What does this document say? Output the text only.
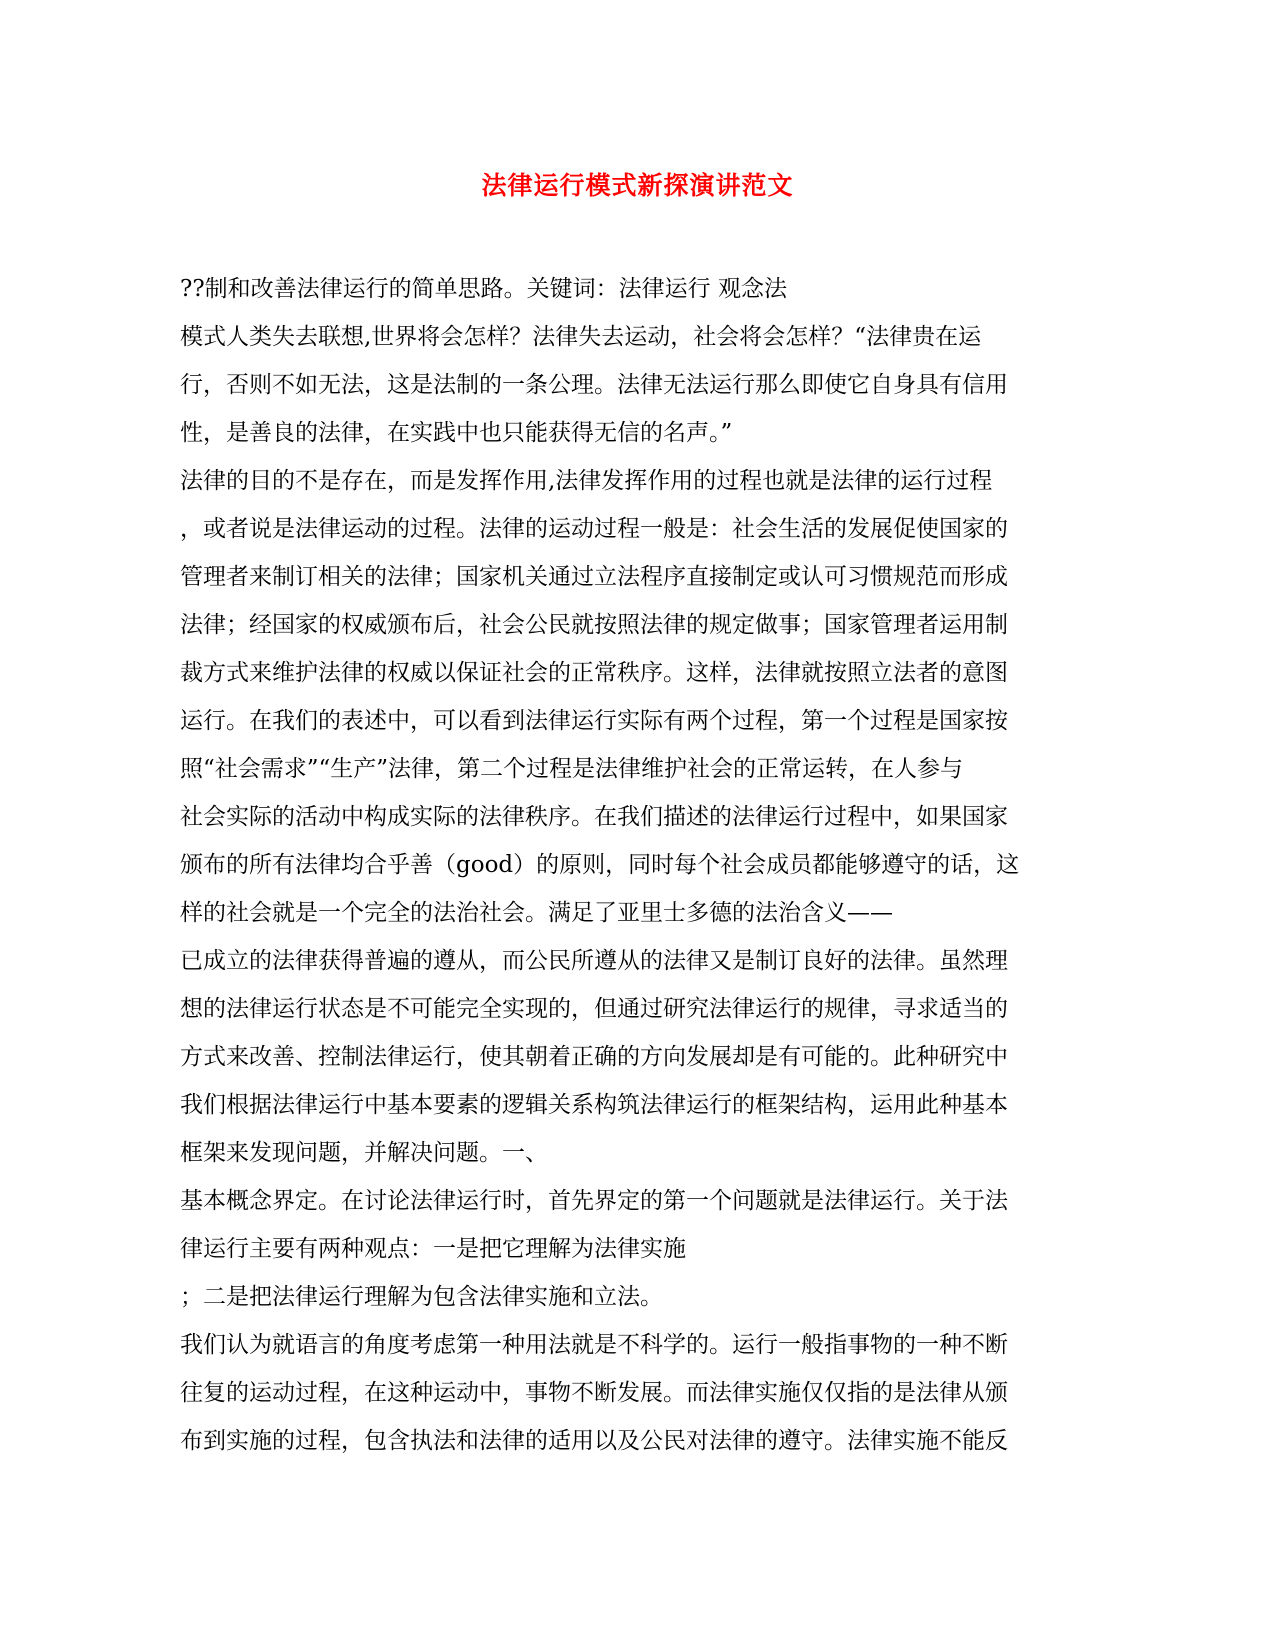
法律运行模式新探演讲范文
??制和改善法律运行的简单思路。关键词：法律运行 观念法
模式人类失去联想,世界将会怎样？法律失去运动，社会将会怎样？“法律贵在运
行，否则不如无法，这是法制的一条公理。法律无法运行那么即使它自身具有信用
性，是善良的法律，在实践中也只能获得无信的名声。”
法律的目的不是存在，而是发挥作用,法律发挥作用的过程也就是法律的运行过程
，或者说是法律运动的过程。法律的运动过程一般是：社会生活的发展促使国家的
管理者来制订相关的法律；国家机关通过立法程序直接制定或认可习惯规范而形成
法律；经国家的权威颁布后，社会公民就按照法律的规定做事；国家管理者运用制
裁方式来维护法律的权威以保证社会的正常秩序。这样，法律就按照立法者的意图
运行。在我们的表述中，可以看到法律运行实际有两个过程，第一个过程是国家按
照“社会需求”“生产”法律，第二个过程是法律维护社会的正常运转，在人参与
社会实际的活动中构成实际的法律秩序。在我们描述的法律运行过程中，如果国家
颁布的所有法律均合乎善（good）的原则，同时每个社会成员都能够遵守的话，这
样的社会就是一个完全的法治社会。满足了亚里士多德的法治含义——
已成立的法律获得普遍的遵从，而公民所遵从的法律又是制订良好的法律。虽然理
想的法律运行状态是不可能完全实现的，但通过研究法律运行的规律，寻求适当的
方式来改善、控制法律运行，使其朝着正确的方向发展却是有可能的。此种研究中
我们根据法律运行中基本要素的逻辑关系构筑法律运行的框架结构，运用此种基本
框架来发现问题，并解决问题。一、
基本概念界定。在讨论法律运行时，首先界定的第一个问题就是法律运行。关于法
律运行主要有两种观点：一是把它理解为法律实施
；二是把法律运行理解为包含法律实施和立法。
我们认为就语言的角度考虑第一种用法就是不科学的。运行一般指事物的一种不断
往复的运动过程，在这种运动中，事物不断发展。而法律实施仅仅指的是法律从颁
布到实施的过程，包含执法和法律的适用以及公民对法律的遵守。法律实施不能反
